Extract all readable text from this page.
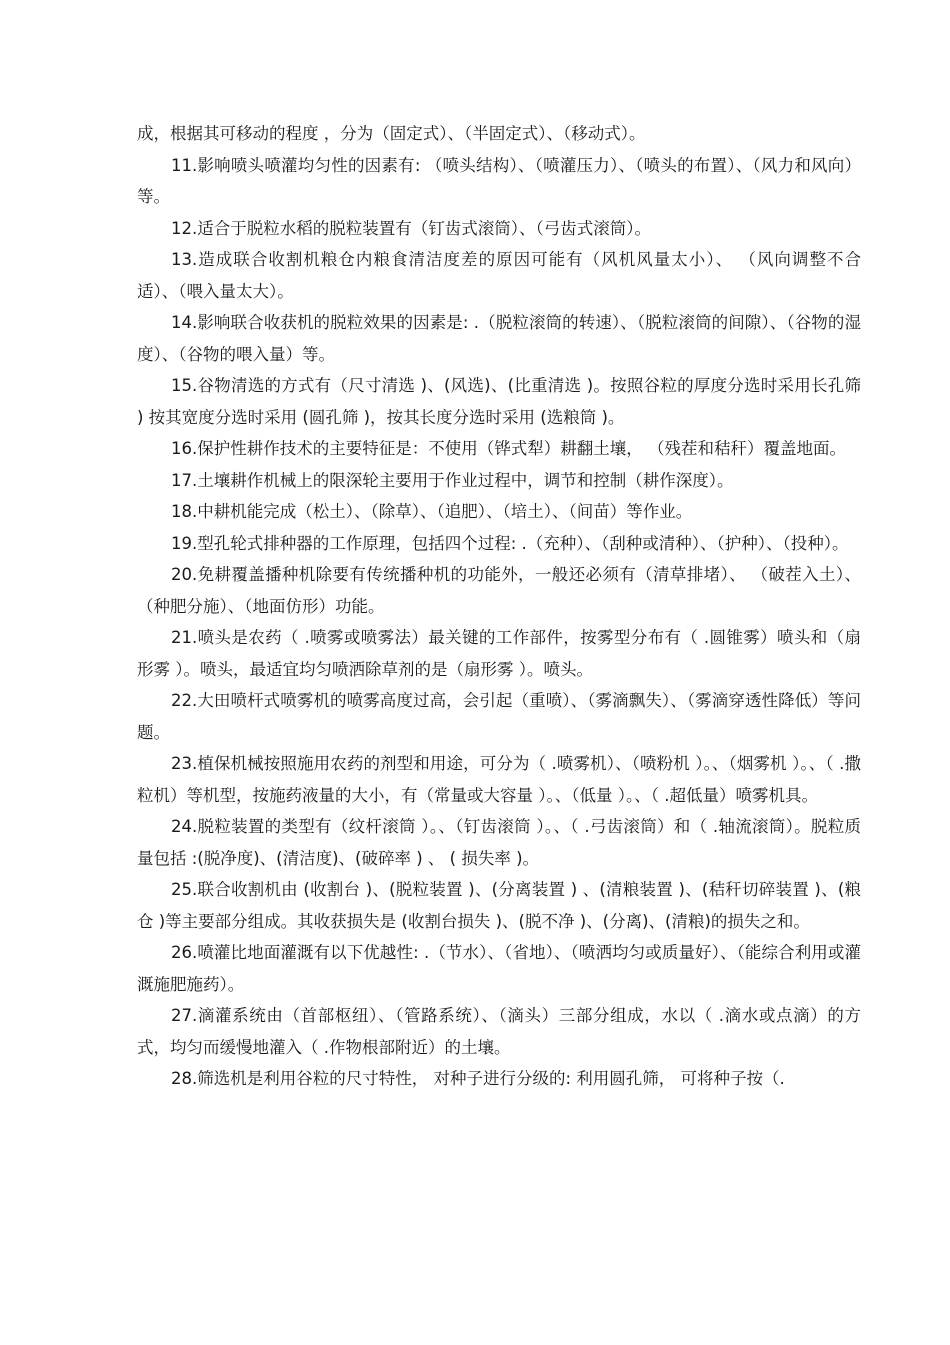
成，根据其可移动的程度 ，分为（固定式）、（半固定式）、（移动式）。

11.影响喷头喷灌均匀性的因素有: （喷头结构）、（喷灌压力）、（喷头的布置）、（风力和风向）等。

12.适合于脱粒水稻的脱粒装置有（钉齿式滚筒）、（弓齿式滚筒）。

13.造成联合收割机粮仓内粮食清洁度差的原因可能有（风机风量太小）、 （风向调整不合适）、（喂入量太大）。

14.影响联合收获机的脱粒效果的因素是: .（脱粒滚筒的转速）、（脱粒滚筒的间隙）、（谷物的湿度）、（谷物的喂入量）等。

15.谷物清选的方式有（尺寸清选 )、(风选)、(比重清选 )。按照谷粒的厚度分选时采用长孔筛 ) 按其宽度分选时采用 (圆孔筛 )，按其长度分选时采用 (选粮筒 )。

16.保护性耕作技术的主要特征是：不使用（铧式犁）耕翻土壤， （残茬和秸秆）覆盖地面。

17.土壤耕作机械上的限深轮主要用于作业过程中，调节和控制（耕作深度）。

18.中耕机能完成（松土）、（除草）、（追肥）、（培土）、（间苗）等作业。

19.型孔轮式排种器的工作原理，包括四个过程: .（充种）、（刮种或清种）、（护种）、（投种）。

20.免耕覆盖播种机除要有传统播种机的功能外，一般还必须有（清草排堵）、 （破茬入土）、（种肥分施）、（地面仿形）功能。

21.喷头是农药（ .喷雾或喷雾法）最关键的工作部件，按雾型分布有（ .圆锥雾）喷头和（扇形雾 ）。喷头，最适宜均匀喷洒除草剂的是（扇形雾 ）。喷头。

22.大田喷杆式喷雾机的喷雾高度过高，会引起（重喷）、（雾滴飘失）、（雾滴穿透性降低）等问题。

23.植保机械按照施用农药的剂型和用途，可分为（ .喷雾机）、（喷粉机 ）。、（烟雾机 ）。、（ .撒粒机）等机型，按施药液量的大小，有（常量或大容量 ）。、（低量 ）。、（ .超低量）喷雾机具。

24.脱粒装置的类型有（纹杆滚筒 ）。、（钉齿滚筒 ）。、（ .弓齿滚筒）和（ .轴流滚筒）。脱粒质量包括 :(脱净度)、(清洁度)、(破碎率 ) 、 ( 损失率 )。

25.联合收割机由 (收割台 )、(脱粒装置 )、(分离装置 ) 、(清粮装置 )、(秸秆切碎装置 )、(粮仓 )等主要部分组成。其收获损失是 (收割台损失 )、(脱不净 )、(分离)、(清粮)的损失之和。

26.喷灌比地面灌溉有以下优越性: .（节水）、（省地）、（喷洒均匀或质量好）、（能综合利用或灌溉施肥施药）。

27.滴灌系统由（首部枢纽）、（管路系统）、（滴头）三部分组成，水以（ .滴水或点滴）的方式，均匀而缓慢地灌入（ .作物根部附近）的土壤。

28.筛选机是利用谷粒的尺寸特性， 对种子进行分级的: 利用圆孔筛， 可将种子按（.
